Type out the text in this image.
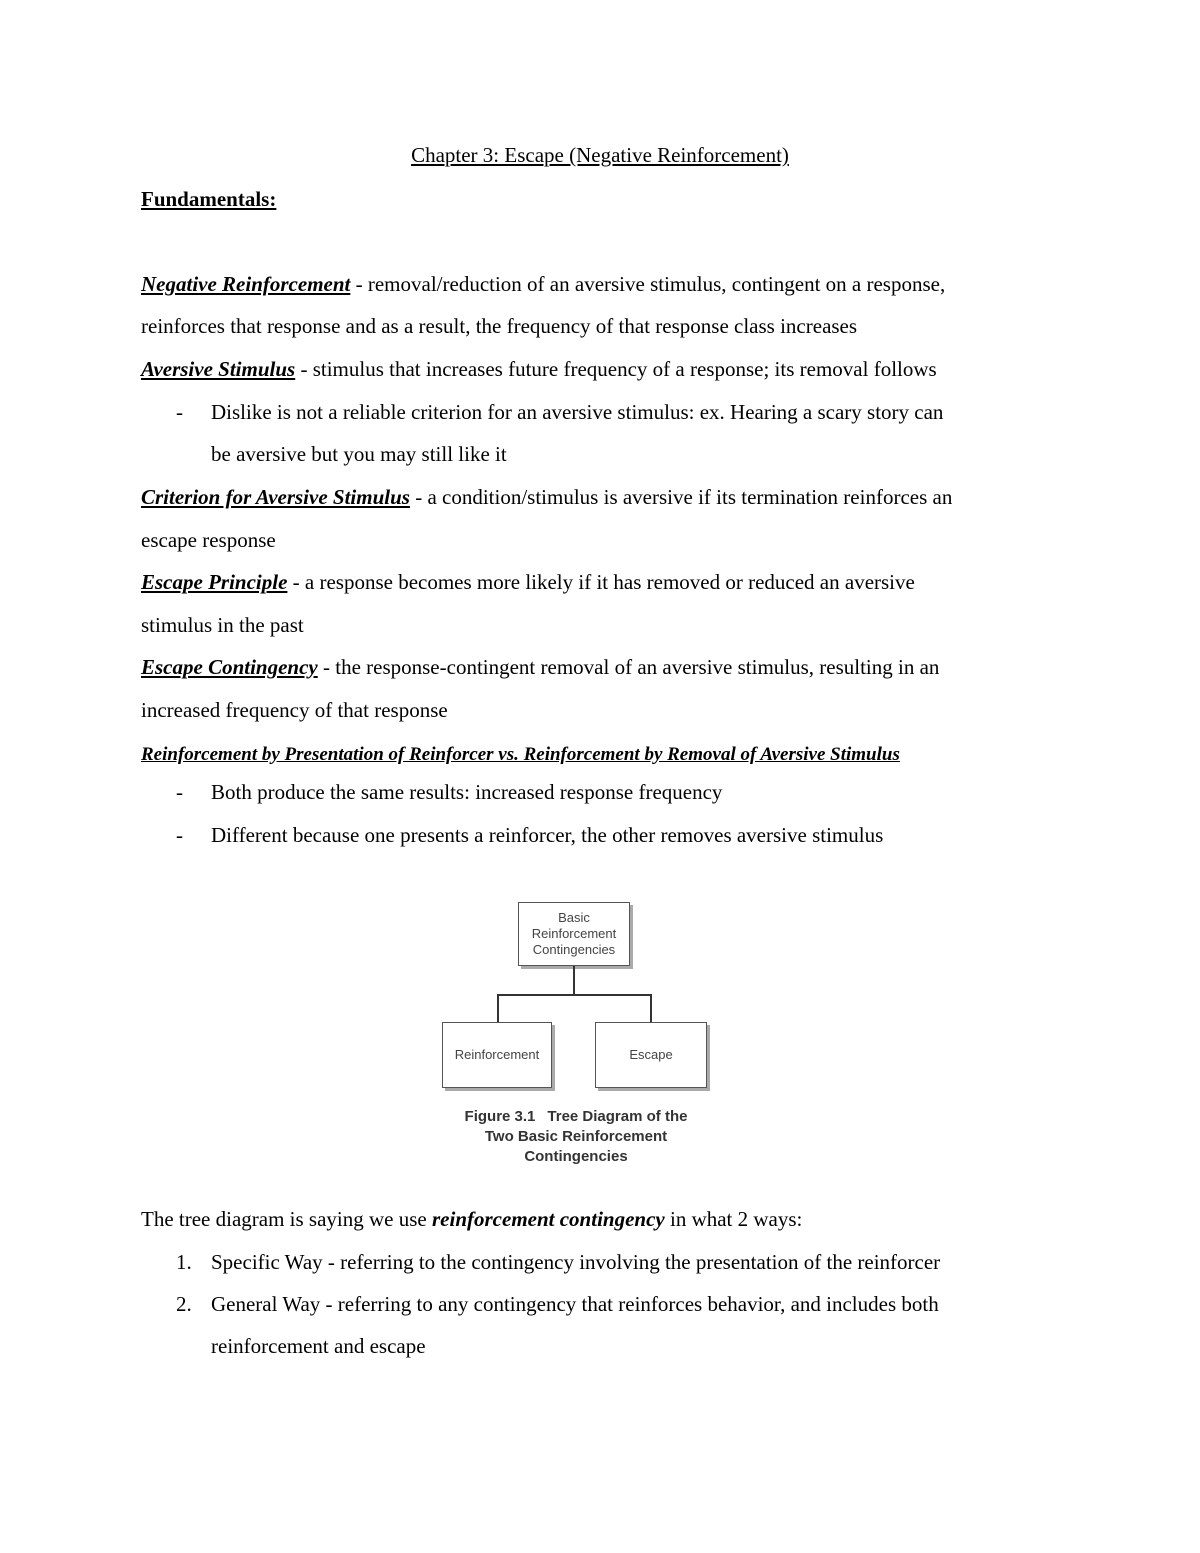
Chapter 3: Escape (Negative Reinforcement)
Fundamentals:
Negative Reinforcement - removal/reduction of an aversive stimulus, contingent on a response,
reinforces that response and as a result, the frequency of that response class increases
Aversive Stimulus - stimulus that increases future frequency of a response; its removal follows
- Dislike is not a reliable criterion for an aversive stimulus: ex. Hearing a scary story can
be aversive but you may still like it
Criterion for Aversive Stimulus - a condition/stimulus is aversive if its termination reinforces an
escape response
Escape Principle - a response becomes more likely if it has removed or reduced an aversive
stimulus in the past
Escape Contingency - the response-contingent removal of an aversive stimulus, resulting in an
increased frequency of that response
Reinforcement by Presentation of Reinforcer vs. Reinforcement by Removal of Aversive Stimulus
- Both produce the same results: increased response frequency
- Different because one presents a reinforcer, the other removes aversive stimulus
Basic
Reinforcement
Contingencies
Reinforcement	Escape
Figure 3.1 Tree Diagram of the
Two Basic Reinforcement
Contingencies
The tree diagram is saying we use reinforcement contingency in what 2 ways:
1. Specific Way - referring to the contingency involving the presentation of the reinforcer
2. General Way - referring to any contingency that reinforces behavior, and includes both
reinforcement and escape
